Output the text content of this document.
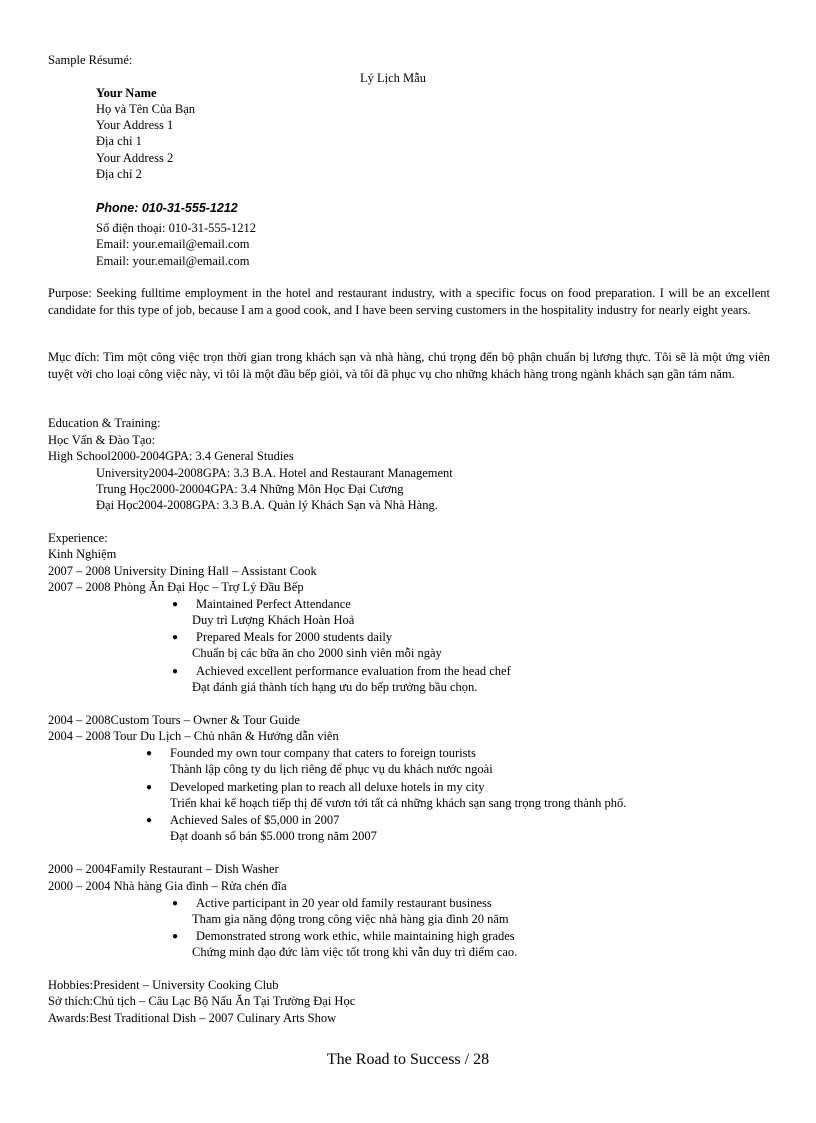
Sample Résumé:
Lý Lịch Mẫu
Your Name
Họ và Tên Của Bạn
Your Address 1
Địa chỉ 1
Your Address 2
Địa chỉ 2
Phone: 010-31-555-1212
Số điện thoại: 010-31-555-1212
Email: your.email@email.com
Email: your.email@email.com
Purpose: Seeking fulltime employment in the hotel and restaurant industry, with a specific focus on food preparation. I will be an excellent candidate for this type of job, because I am a good cook, and I have been serving customers in the hospitality industry for nearly eight years.
Mục đích: Tìm một công việc trọn thời gian trong khách sạn và nhà hàng, chú trọng đến bộ phận chuẩn bị lương thực. Tôi sẽ là một ứng viên tuyệt vời cho loại công việc này, vì tôi là một đầu bếp giỏi, và tôi đã phục vụ cho những khách hàng trong ngành khách sạn gần tám năm.
Education & Training:
Học Vấn & Đào Tạo:
High School2000-2004GPA: 3.4 General Studies
University2004-2008GPA: 3.3 B.A. Hotel and Restaurant Management
Trung Học2000-20004GPA: 3.4 Những Môn Học Đại Cương
Đại Học2004-2008GPA: 3.3 B.A. Quản lý Khách Sạn và Nhà Hàng.
Experience:
Kinh Nghiệm
2007 – 2008 University Dining Hall – Assistant Cook
2007 – 2008 Phòng Ăn Đại Học – Trợ Lý Đầu Bếp
● Maintained Perfect Attendance
Duy trì Lượng Khách Hoàn Hoả
● Prepared Meals for 2000 students daily
Chuẩn bị các bữa ăn cho 2000 sinh viên mỗi ngày
● Achieved excellent performance evaluation from the head chef
Đạt đánh giá thành tích hạng ưu do bếp trưởng bầu chọn.
2004 – 2008Custom Tours – Owner & Tour Guide
2004 – 2008 Tour Du Lịch – Chủ nhân & Hướng dẫn viên
● Founded my own tour company that caters to foreign tourists
Thành lập công ty du lịch riêng để phục vụ du khách nước ngoài
● Developed marketing plan to reach all deluxe hotels in my city
Triển khai kế hoạch tiếp thị để vươn tới tất cả những khách sạn sang trọng trong thành phố.
● Achieved Sales of $5,000 in 2007
Đạt doanh số bán $5.000 trong năm 2007
2000 – 2004Family Restaurant – Dish Washer
2000 – 2004 Nhà hàng Gia đình – Rửa chén đĩa
● Active participant in 20 year old family restaurant business
Tham gia năng động trong công việc nhà hàng gia đình 20 năm
● Demonstrated strong work ethic, while maintaining high grades
Chứng minh đạo đức làm việc tốt trong khi vẫn duy trì điểm cao.
Hobbies:President – University Cooking Club
Sở thích:Chủ tịch – Câu Lạc Bộ Nấu Ăn Tại Trường Đại Học
Awards:Best Traditional Dish – 2007 Culinary Arts Show
The Road to Success / 28
